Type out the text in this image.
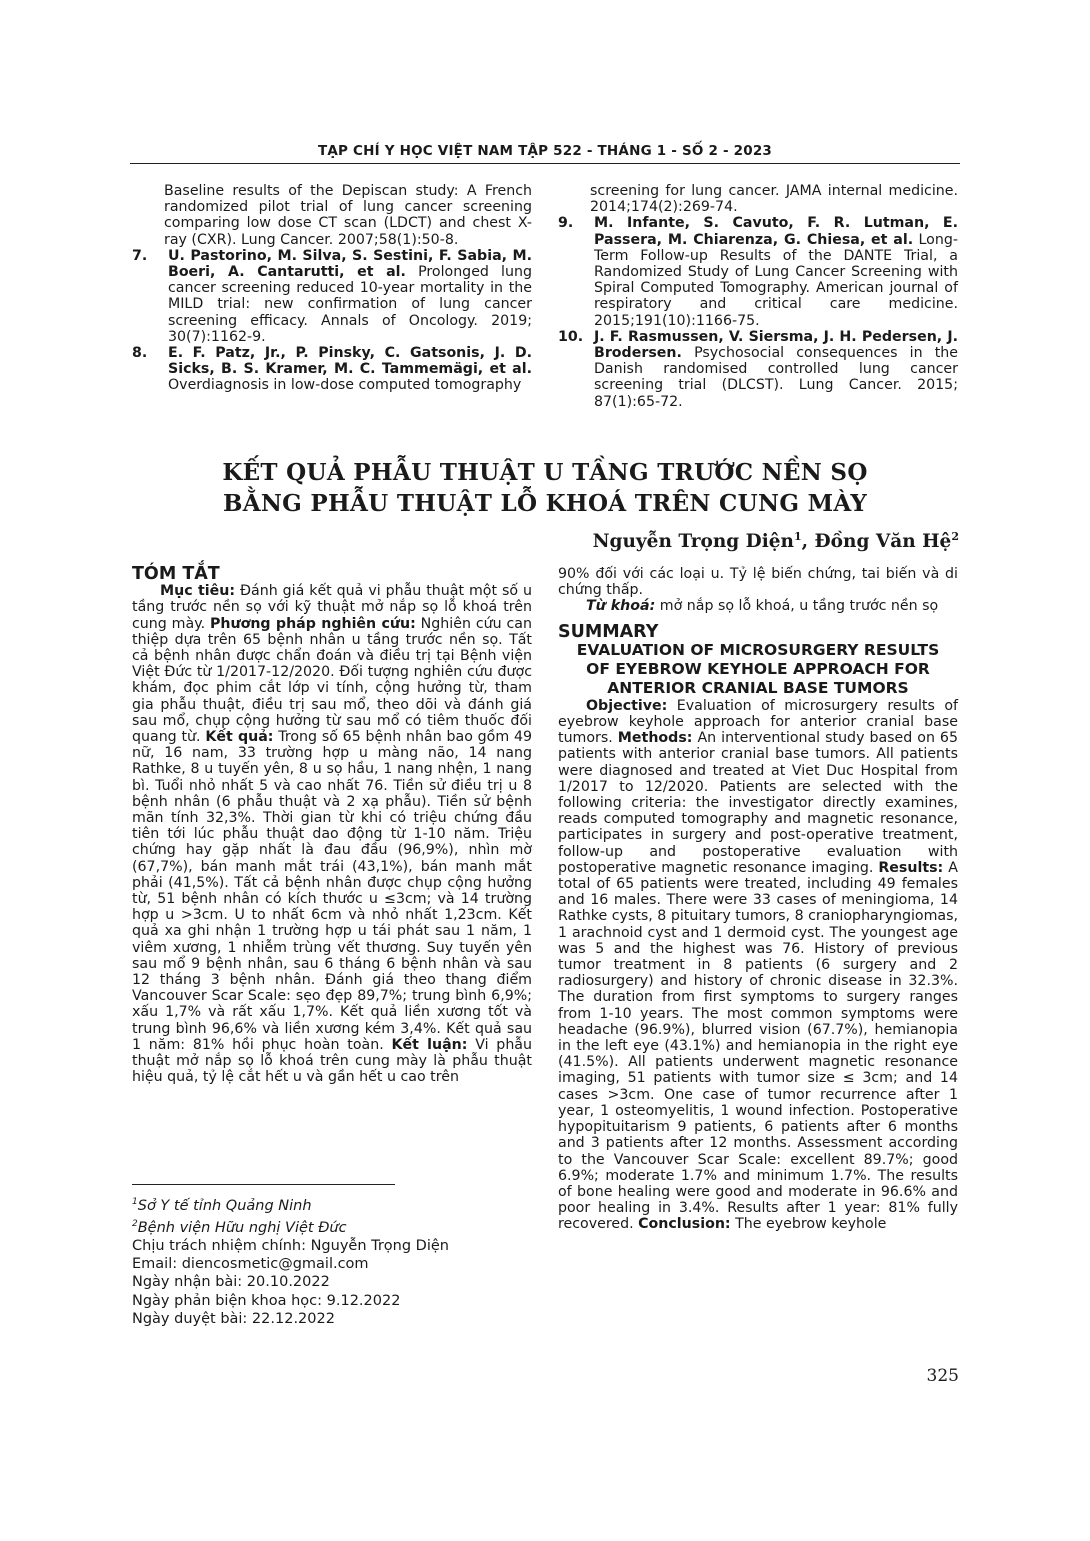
TẠP CHÍ Y HỌC VIỆT NAM TẬP 522 - THÁNG 1 - SỐ 2 - 2023
Baseline results of the Depiscan study: A French randomized pilot trial of lung cancer screening comparing low dose CT scan (LDCT) and chest X-ray (CXR). Lung Cancer. 2007;58(1):50-8.
7. U. Pastorino, M. Silva, S. Sestini, F. Sabia, M. Boeri, A. Cantarutti, et al. Prolonged lung cancer screening reduced 10-year mortality in the MILD trial: new confirmation of lung cancer screening efficacy. Annals of Oncology. 2019; 30(7):1162-9.
8. E. F. Patz, Jr., P. Pinsky, C. Gatsonis, J. D. Sicks, B. S. Kramer, M. C. Tammemägi, et al. Overdiagnosis in low-dose computed tomography
screening for lung cancer. JAMA internal medicine. 2014;174(2):269-74.
9. M. Infante, S. Cavuto, F. R. Lutman, E. Passera, M. Chiarenza, G. Chiesa, et al. Long-Term Follow-up Results of the DANTE Trial, a Randomized Study of Lung Cancer Screening with Spiral Computed Tomography. American journal of respiratory and critical care medicine. 2015;191(10):1166-75.
10. J. F. Rasmussen, V. Siersma, J. H. Pedersen, J. Brodersen. Psychosocial consequences in the Danish randomised controlled lung cancer screening trial (DLCST). Lung Cancer. 2015; 87(1):65-72.
KẾT QUẢ PHẪU THUẬT U TẦNG TRƯỚC NỀN SỌ
BẰNG PHẪU THUẬT LỖ KHOÁ TRÊN CUNG MÀY
Nguyễn Trọng Diện$^1$, Đồng Văn Hệ$^2$
TÓM TẮT
Mục tiêu: Đánh giá kết quả vi phẫu thuật một số u tầng trước nền sọ với kỹ thuật mở nắp sọ lỗ khoá trên cung mày. Phương pháp nghiên cứu: Nghiên cứu can thiệp dựa trên 65 bệnh nhân u tầng trước nền sọ. Tất cả bệnh nhân được chẩn đoán và điều trị tại Bệnh viện Việt Đức từ 1/2017-12/2020. Đối tượng nghiên cứu được khám, đọc phim cắt lớp vi tính, cộng hưởng từ, tham gia phẫu thuật, điều trị sau mổ, theo dõi và đánh giá sau mổ, chụp cộng hưởng từ sau mổ có tiêm thuốc đối quang từ. Kết quả: Trong số 65 bệnh nhân bao gồm 49 nữ, 16 nam, 33 trường hợp u màng não, 14 nang Rathke, 8 u tuyến yên, 8 u sọ hầu, 1 nang nhện, 1 nang bì. Tuổi nhỏ nhất 5 và cao nhất 76. Tiền sử điều trị u 8 bệnh nhân (6 phẫu thuật và 2 xạ phẫu). Tiền sử bệnh mãn tính 32,3%. Thời gian từ khi có triệu chứng đầu tiên tới lúc phẫu thuật dao động từ 1-10 năm. Triệu chứng hay gặp nhất là đau đầu (96,9%), nhìn mờ (67,7%), bán manh mắt trái (43,1%), bán manh mắt phải (41,5%). Tất cả bệnh nhân được chụp cộng hưởng từ, 51 bệnh nhân có kích thước u ≤3cm; và 14 trường hợp u >3cm. U to nhất 6cm và nhỏ nhất 1,23cm. Kết quả xa ghi nhận 1 trường hợp u tái phát sau 1 năm, 1 viêm xương, 1 nhiễm trùng vết thương. Suy tuyến yên sau mổ 9 bệnh nhân, sau 6 tháng 6 bệnh nhân và sau 12 tháng 3 bệnh nhân. Đánh giá theo thang điểm Vancouver Scar Scale: sẹo đẹp 89,7%; trung bình 6,9%; xấu 1,7% và rất xấu 1,7%. Kết quả liền xương tốt và trung bình 96,6% và liền xương kém 3,4%. Kết quả sau 1 năm: 81% hồi phục hoàn toàn. Kết luận: Vi phẫu thuật mở nắp sọ lỗ khoá trên cung mày là phẫu thuật hiệu quả, tỷ lệ cắt hết u và gần hết u cao trên
$^1$Sở Y tế tỉnh Quảng Ninh
$^2$Bệnh viện Hữu nghị Việt Đức
Chịu trách nhiệm chính: Nguyễn Trọng Diện
Email: diencosmetic@gmail.com
Ngày nhận bài: 20.10.2022
Ngày phản biện khoa học: 9.12.2022
Ngày duyệt bài: 22.12.2022
90% đối với các loại u. Tỷ lệ biến chứng, tai biến và di chứng thấp.
Từ khoá: mở nắp sọ lỗ khoá, u tầng trước nền sọ
SUMMARY
EVALUATION OF MICROSURGERY RESULTS
OF EYEBROW KEYHOLE APPROACH FOR
ANTERIOR CRANIAL BASE TUMORS
Objective: Evaluation of microsurgery results of eyebrow keyhole approach for anterior cranial base tumors. Methods: An interventional study based on 65 patients with anterior cranial base tumors. All patients were diagnosed and treated at Viet Duc Hospital from 1/2017 to 12/2020. Patients are selected with the following criteria: the investigator directly examines, reads computed tomography and magnetic resonance, participates in surgery and post-operative treatment, follow-up and postoperative evaluation with postoperative magnetic resonance imaging. Results: A total of 65 patients were treated, including 49 females and 16 males. There were 33 cases of meningioma, 14 Rathke cysts, 8 pituitary tumors, 8 craniopharyngiomas, 1 arachnoid cyst and 1 dermoid cyst. The youngest age was 5 and the highest was 76. History of previous tumor treatment in 8 patients (6 surgery and 2 radiosurgery) and history of chronic disease in 32.3%. The duration from first symptoms to surgery ranges from 1-10 years. The most common symptoms were headache (96.9%), blurred vision (67.7%), hemianopia in the left eye (43.1%) and hemianopia in the right eye (41.5%). All patients underwent magnetic resonance imaging, 51 patients with tumor size ≤ 3cm; and 14 cases >3cm. One case of tumor recurrence after 1 year, 1 osteomyelitis, 1 wound infection. Postoperative hypopituitarism 9 patients, 6 patients after 6 months and 3 patients after 12 months. Assessment according to the Vancouver Scar Scale: excellent 89.7%; good 6.9%; moderate 1.7% and minimum 1.7%. The results of bone healing were good and moderate in 96.6% and poor healing in 3.4%. Results after 1 year: 81% fully recovered. Conclusion: The eyebrow keyhole
325
